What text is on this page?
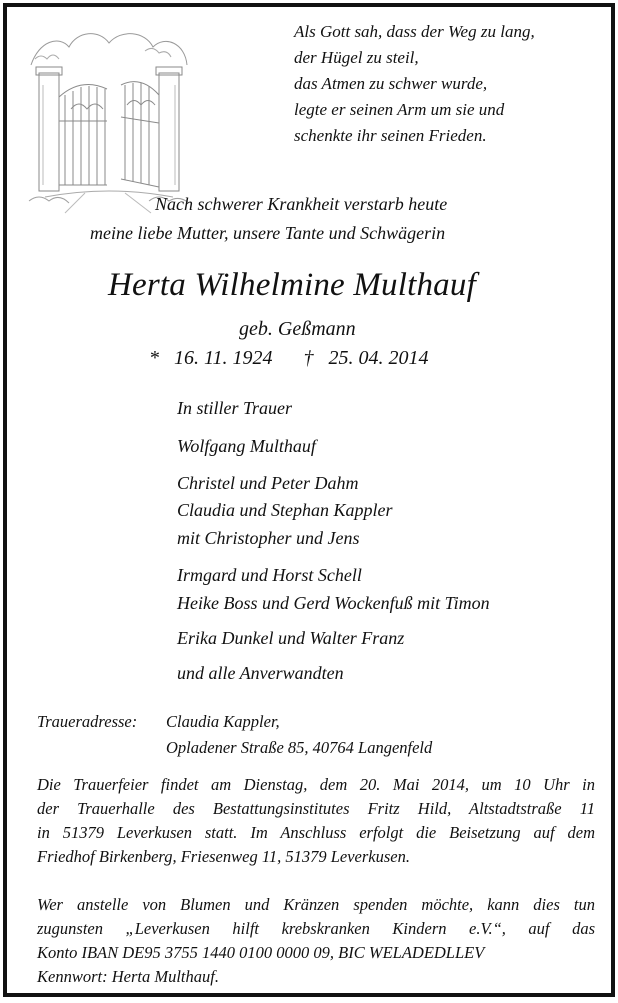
Als Gott sah, dass der Weg zu lang,
der Hügel zu steil,
das Atmen zu schwer wurde,
legte er seinen Arm um sie und
schenkte ihr seinen Frieden.
Nach schwerer Krankheit verstarb heute
meine liebe Mutter, unsere Tante und Schwägerin
Herta Wilhelmine Multhauf
geb. Geßmann
* 16. 11. 1924 † 25. 04. 2014
In stiller Trauer
Wolfgang Multhauf
Christel und Peter Dahm
Claudia und Stephan Kappler
mit Christopher und Jens
Irmgard und Horst Schell
Heike Boss und Gerd Wockenfuß mit Timon
Erika Dunkel und Walter Franz
und alle Anverwandten
Traueradresse: Claudia Kappler,
Opladener Straße 85, 40764 Langenfeld
Die Trauerfeier findet am Dienstag, dem 20. Mai 2014, um 10 Uhr in
der Trauerhalle des Bestattungsinstitutes Fritz Hild, Altstadtstraße 11
in 51379 Leverkusen statt. Im Anschluss erfolgt die Beisetzung auf dem
Friedhof Birkenberg, Friesenweg 11, 51379 Leverkusen.
Wer anstelle von Blumen und Kränzen spenden möchte, kann dies tun
zugunsten „Leverkusen hilft krebskranken Kindern e.V.“, auf das
Konto IBAN DE95 3755 1440 0100 0000 09, BIC WELADEDLLEV
Kennwort: Herta Multhauf.
